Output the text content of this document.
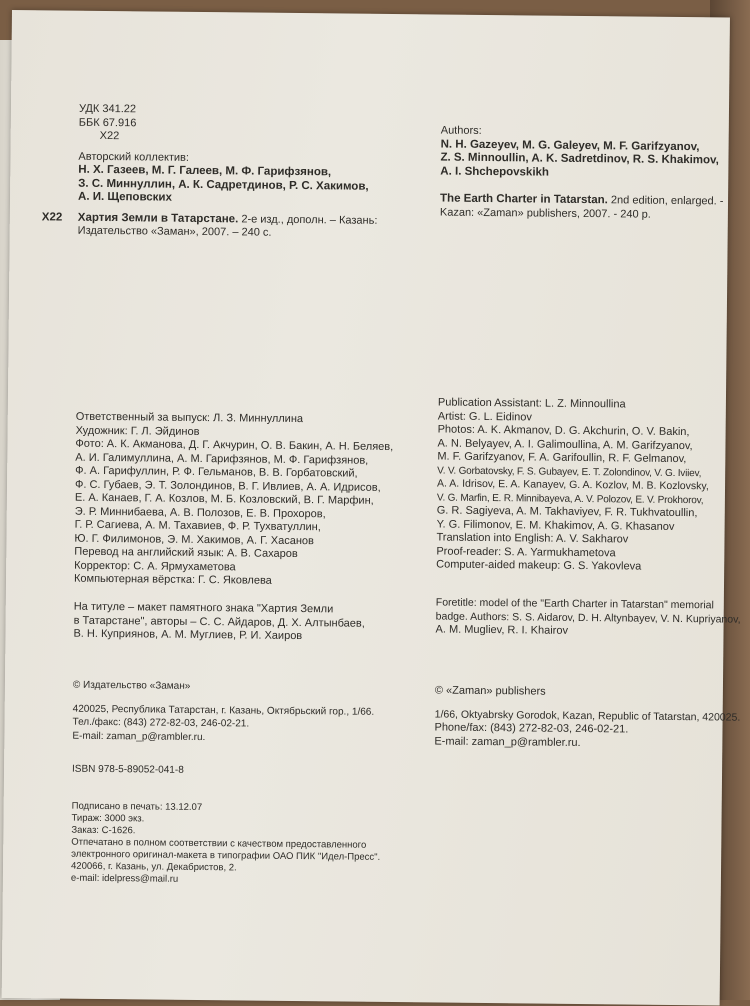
УДК 341.22
ББК 67.916
X22
Авторский коллектив:
Н. Х. Газеев, М. Г. Галеев, М. Ф. Гарифзянов,
З. С. Миннуллин, А. К. Садретдинов, Р. С. Хакимов,
А. И. Щеповских
X22 Хартия Земли в Татарстане. 2-е изд., дополн. – Казань:
Издательство «Заман», 2007. – 240 с.
Authors:
N. H. Gazeyev, M. G. Galeyev, M. F. Garifzyanov,
Z. S. Minnoullin, A. K. Sadretdinov, R. S. Khakimov,
A. I. Shchepovskikh
The Earth Charter in Tatarstan. 2nd edition, enlarged. -
Kazan: «Zaman» publishers, 2007. - 240 p.
Ответственный за выпуск: Л. З. Миннуллина
Художник: Г. Л. Эйдинов
Фото: А. К. Акманова, Д. Г. Акчурин, О. В. Бакин, А. Н. Беляев,
А. И. Галимуллина, А. М. Гарифзянов, М. Ф. Гарифзянов,
Ф. А. Гарифуллин, Р. Ф. Гельманов, В. В. Горбатовский,
Ф. С. Губаев, Э. Т. Золондинов, В. Г. Ивлиев, А. А. Идрисов,
Е. А. Канаев, Г. А. Козлов, М. Б. Козловский, В. Г. Марфин,
Э. Р. Миннибаева, А. В. Полозов, Е. В. Прохоров,
Г. Р. Сагиева, А. М. Тахавиев, Ф. Р. Тухватуллин,
Ю. Г. Филимонов, Э. М. Хакимов, А. Г. Хасанов
Перевод на английский язык: А. В. Сахаров
Корректор: С. А. Ярмухаметова
Компьютерная вёрстка: Г. С. Яковлева
Publication Assistant: L. Z. Minnoullina
Artist: G. L. Eidinov
Photos: A. K. Akmanov, D. G. Akchurin, O. V. Bakin,
A. N. Belyayev, A. I. Galimoullina, A. M. Garifzyanov,
M. F. Garifzyanov, F. A. Garifoullin, R. F. Gelmanov,
V. V. Gorbatovsky, F. S. Gubayev, E. T. Zolondinov, V. G. Iviiev,
A. A. Idrisov, E. A. Kanayev, G. A. Kozlov, M. B. Kozlovsky,
V. G. Marfin, E. R. Minnibayeva, A. V. Polozov, E. V. Prokhorov,
G. R. Sagiyeva, A. M. Takhaviyev, F. R. Tukhvatoullin,
Y. G. Filimonov, E. M. Khakimov, A. G. Khasanov
Translation into English: A. V. Sakharov
Proof-reader: S. A. Yarmukhametova
Computer-aided makeup: G. S. Yakovleva
На титуле – макет памятного знака "Хартия Земли
в Татарстане", авторы – С. С. Айдаров, Д. Х. Алтынбаев,
В. Н. Куприянов, А. М. Муглиев, Р. И. Хаиров
Foretitle: model of the "Earth Charter in Tatarstan" memorial
badge. Authors: S. S. Aidarov, D. H. Altynbayev, V. N. Kupriyanov,
A. M. Mugliev, R. I. Khairov
© Издательство «Заман»
420025, Республика Татарстан, г. Казань, Октябрьский гор., 1/66.
Тел./факс: (843) 272-82-03, 246-02-21.
E-mail: zaman_p@rambler.ru.
© «Zaman» publishers
1/66, Oktyabrsky Gorodok, Kazan, Republic of Tatarstan, 420025.
Phone/fax: (843) 272-82-03, 246-02-21.
E-mail: zaman_p@rambler.ru.
ISBN 978-5-89052-041-8
Подписано в печать: 13.12.07
Тираж: 3000 экз.
Заказ: С-1626.
Отпечатано в полном соответствии с качеством предоставленного
электронного оригинал-макета в типографии ОАО ПИК "Идел-Пресс".
420066, г. Казань, ул. Декабристов, 2.
e-mail: idelpress@mail.ru
